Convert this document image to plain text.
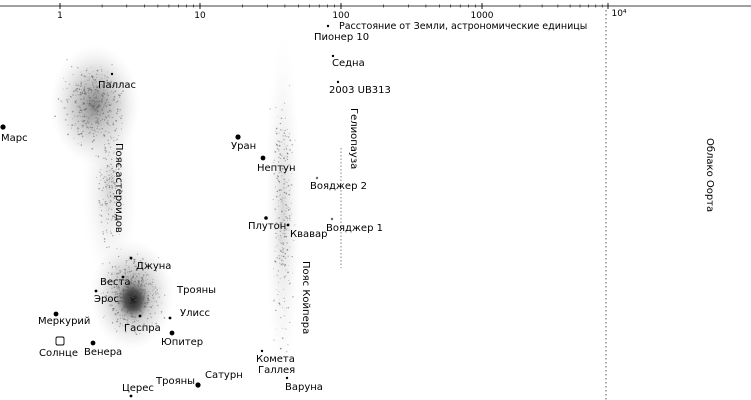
1	10	100	1000	10⁴
Расстояние от Земли, астрономические единицы
Пионер 10
Седна
2003 UB313
Паллас
Марс
Уран
Нептун
Вояджер 2
Вояджер 1
Плутон
Квавар
Джуна
Веста
Трояны
Эрос
Улисс
Меркурий
Гаспра
Юпитер
Солнце Венера
Комета
Галлея
Сатурн
Трояны
Церес	Варуна
Гелиопауза
Пояс астероидов
Пояс Койпера
Облако Оорта
